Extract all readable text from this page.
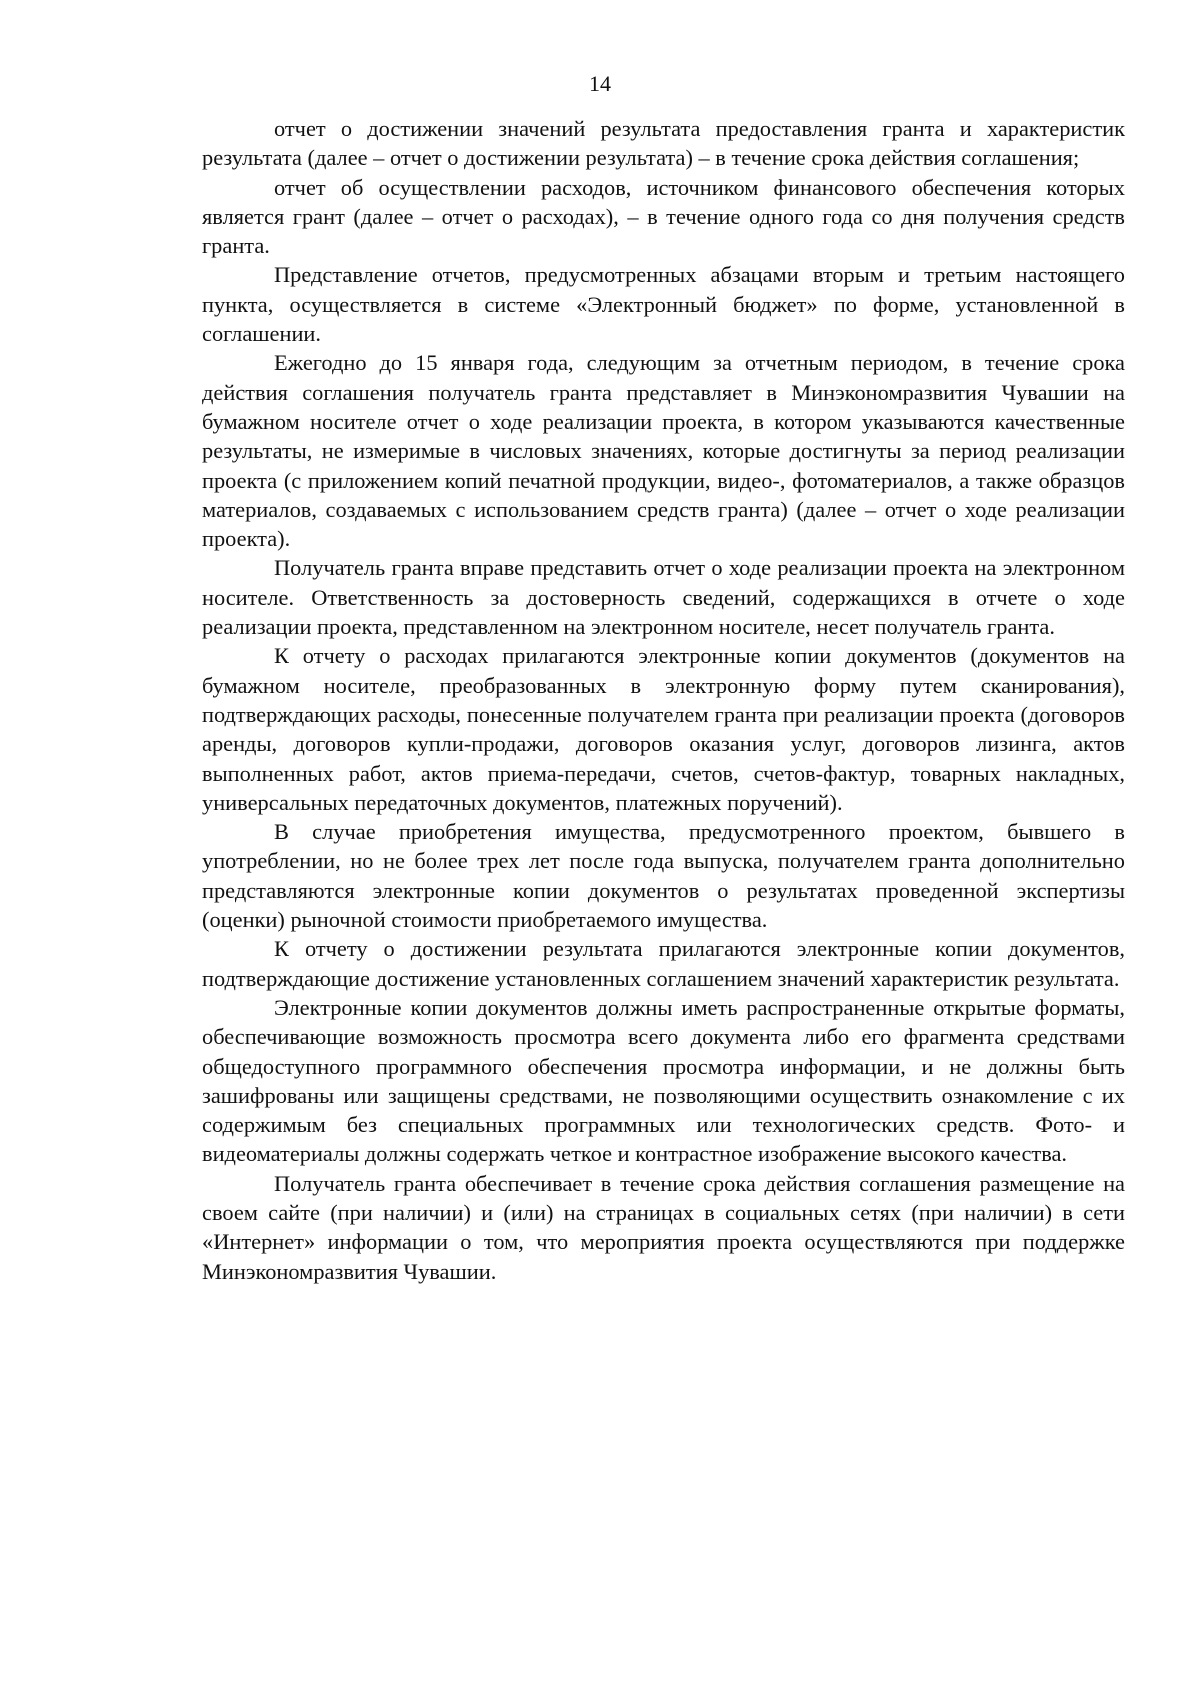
14

отчет о достижении значений результата предоставления гранта и характеристик результата (далее – отчет о достижении результата) – в течение срока действия соглашения;

отчет об осуществлении расходов, источником финансового обеспечения которых является грант (далее – отчет о расходах), – в течение одного года со дня получения средств гранта.

Представление отчетов, предусмотренных абзацами вторым и третьим настоящего пункта, осуществляется в системе «Электронный бюджет» по форме, установленной в соглашении.

Ежегодно до 15 января года, следующим за отчетным периодом, в течение срока действия соглашения получатель гранта представляет в Минэкономразвития Чувашии на бумажном носителе отчет о ходе реализации проекта, в котором указываются качественные результаты, не измеримые в числовых значениях, которые достигнуты за период реализации проекта (с приложением копий печатной продукции, видео-, фотоматериалов, а также образцов материалов, создаваемых с использованием средств гранта) (далее – отчет о ходе реализации проекта).

Получатель гранта вправе представить отчет о ходе реализации проекта на электронном носителе. Ответственность за достоверность сведений, содержащихся в отчете о ходе реализации проекта, представленном на электронном носителе, несет получатель гранта.

К отчету о расходах прилагаются электронные копии документов (документов на бумажном носителе, преобразованных в электронную форму путем сканирования), подтверждающих расходы, понесенные получателем гранта при реализации проекта (договоров аренды, договоров купли-продажи, договоров оказания услуг, договоров лизинга, актов выполненных работ, актов приема-передачи, счетов, счетов-фактур, товарных накладных, универсальных передаточных документов, платежных поручений).

В случае приобретения имущества, предусмотренного проектом, бывшего в употреблении, но не более трех лет после года выпуска, получателем гранта дополнительно представляются электронные копии документов о результатах проведенной экспертизы (оценки) рыночной стоимости приобретаемого имущества.

К отчету о достижении результата прилагаются электронные копии документов, подтверждающие достижение установленных соглашением значений характеристик результата.

Электронные копии документов должны иметь распространенные открытые форматы, обеспечивающие возможность просмотра всего документа либо его фрагмента средствами общедоступного программного обеспечения просмотра информации, и не должны быть зашифрованы или защищены средствами, не позволяющими осуществить ознакомление с их содержимым без специальных программных или технологических средств. Фото- и видеоматериалы должны содержать четкое и контрастное изображение высокого качества.

Получатель гранта обеспечивает в течение срока действия соглашения размещение на своем сайте (при наличии) и (или) на страницах в социальных сетях (при наличии) в сети «Интернет» информации о том, что мероприятия проекта осуществляются при поддержке Минэкономразвития Чувашии.
